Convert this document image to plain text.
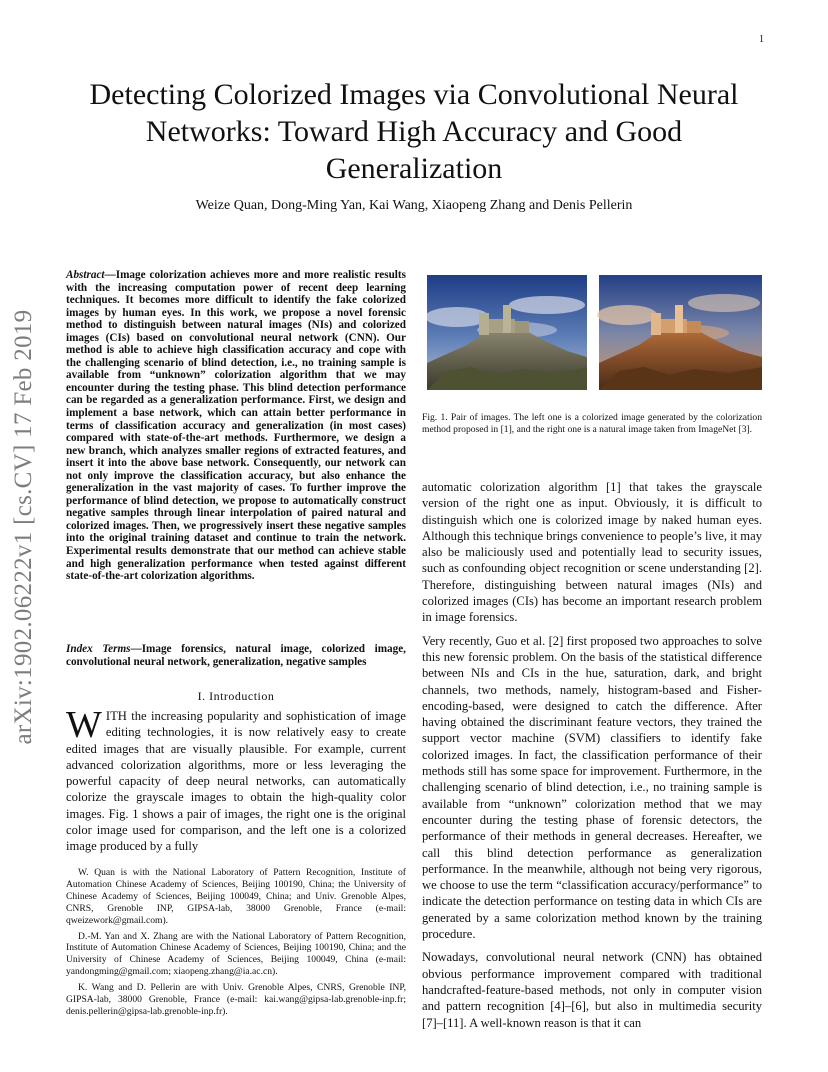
1
Detecting Colorized Images via Convolutional Neural Networks: Toward High Accuracy and Good Generalization
Weize Quan, Dong-Ming Yan, Kai Wang, Xiaopeng Zhang and Denis Pellerin
arXiv:1902.06222v1 [cs.CV] 17 Feb 2019
Abstract—Image colorization achieves more and more realistic results with the increasing computation power of recent deep learning techniques. It becomes more difficult to identify the fake colorized images by human eyes. In this work, we propose a novel forensic method to distinguish between natural images (NIs) and colorized images (CIs) based on convolutional neural network (CNN). Our method is able to achieve high classification accuracy and cope with the challenging scenario of blind detection, i.e., no training sample is available from “unknown” colorization algorithm that we may encounter during the testing phase. This blind detection performance can be regarded as a generalization performance. First, we design and implement a base network, which can attain better performance in terms of classification accuracy and generalization (in most cases) compared with state-of-the-art methods. Furthermore, we design a new branch, which analyzes smaller regions of extracted features, and insert it into the above base network. Consequently, our network can not only improve the classification accuracy, but also enhance the generalization in the vast majority of cases. To further improve the performance of blind detection, we propose to automatically construct negative samples through linear interpolation of paired natural and colorized images. Then, we progressively insert these negative samples into the original training dataset and continue to train the network. Experimental results demonstrate that our method can achieve stable and high generalization performance when tested against different state-of-the-art colorization algorithms.
Index Terms—Image forensics, natural image, colorized image, convolutional neural network, generalization, negative samples
I. Introduction
WITH the increasing popularity and sophistication of image editing technologies, it is now relatively easy to create edited images that are visually plausible. For example, current advanced colorization algorithms, more or less leveraging the powerful capacity of deep neural networks, can automatically colorize the grayscale images to obtain the high-quality color images. Fig. 1 shows a pair of images, the right one is the original color image used for comparison, and the left one is a colorized image produced by a fully

W. Quan is with the National Laboratory of Pattern Recognition, Institute of Automation Chinese Academy of Sciences, Beijing 100190, China; the University of Chinese Academy of Sciences, Beijing 100049, China; and Univ. Grenoble Alpes, CNRS, Grenoble INP, GIPSA-lab, 38000 Grenoble, France (e-mail: qweizework@gmail.com).

D.-M. Yan and X. Zhang are with the National Laboratory of Pattern Recognition, Institute of Automation Chinese Academy of Sciences, Beijing 100190, China; and the University of Chinese Academy of Sciences, Beijing 100049, China (e-mail: yandongming@gmail.com; xiaopeng.zhang@ia.ac.cn).

K. Wang and D. Pellerin are with Univ. Grenoble Alpes, CNRS, Grenoble INP, GIPSA-lab, 38000 Grenoble, France (e-mail: kai.wang@gipsa-lab.grenoble-inp.fr; denis.pellerin@gipsa-lab.grenoble-inp.fr).

Fig. 1. Pair of images. The left one is a colorized image generated by the colorization method proposed in [1], and the right one is a natural image taken from ImageNet [3].

automatic colorization algorithm [1] that takes the grayscale version of the right one as input. Obviously, it is difficult to distinguish which one is colorized image by naked human eyes. Although this technique brings convenience to people’s live, it may also be maliciously used and potentially lead to security issues, such as confounding object recognition or scene understanding [2]. Therefore, distinguishing between natural images (NIs) and colorized images (CIs) has become an important research problem in image forensics.

Very recently, Guo et al. [2] first proposed two approaches to solve this new forensic problem. On the basis of the statistical difference between NIs and CIs in the hue, saturation, dark, and bright channels, two methods, namely, histogram-based and Fisher-encoding-based, were designed to catch the difference. After having obtained the discriminant feature vectors, they trained the support vector machine (SVM) classifiers to identify fake colorized images. In fact, the classification performance of their methods still has some space for improvement. Furthermore, in the challenging scenario of blind detection, i.e., no training sample is available from “unknown” colorization method that we may encounter during the testing phase of forensic detectors, the performance of their methods in general decreases. Hereafter, we call this blind detection performance as generalization performance. In the meanwhile, although not being very rigorous, we choose to use the term “classification accuracy/performance” to indicate the detection performance on testing data in which CIs are generated by a same colorization method known by the training procedure.

Nowadays, convolutional neural network (CNN) has obtained obvious performance improvement compared with traditional handcrafted-feature-based methods, not only in computer vision and pattern recognition [4]–[6], but also in multimedia security [7]–[11]. A well-known reason is that it can
